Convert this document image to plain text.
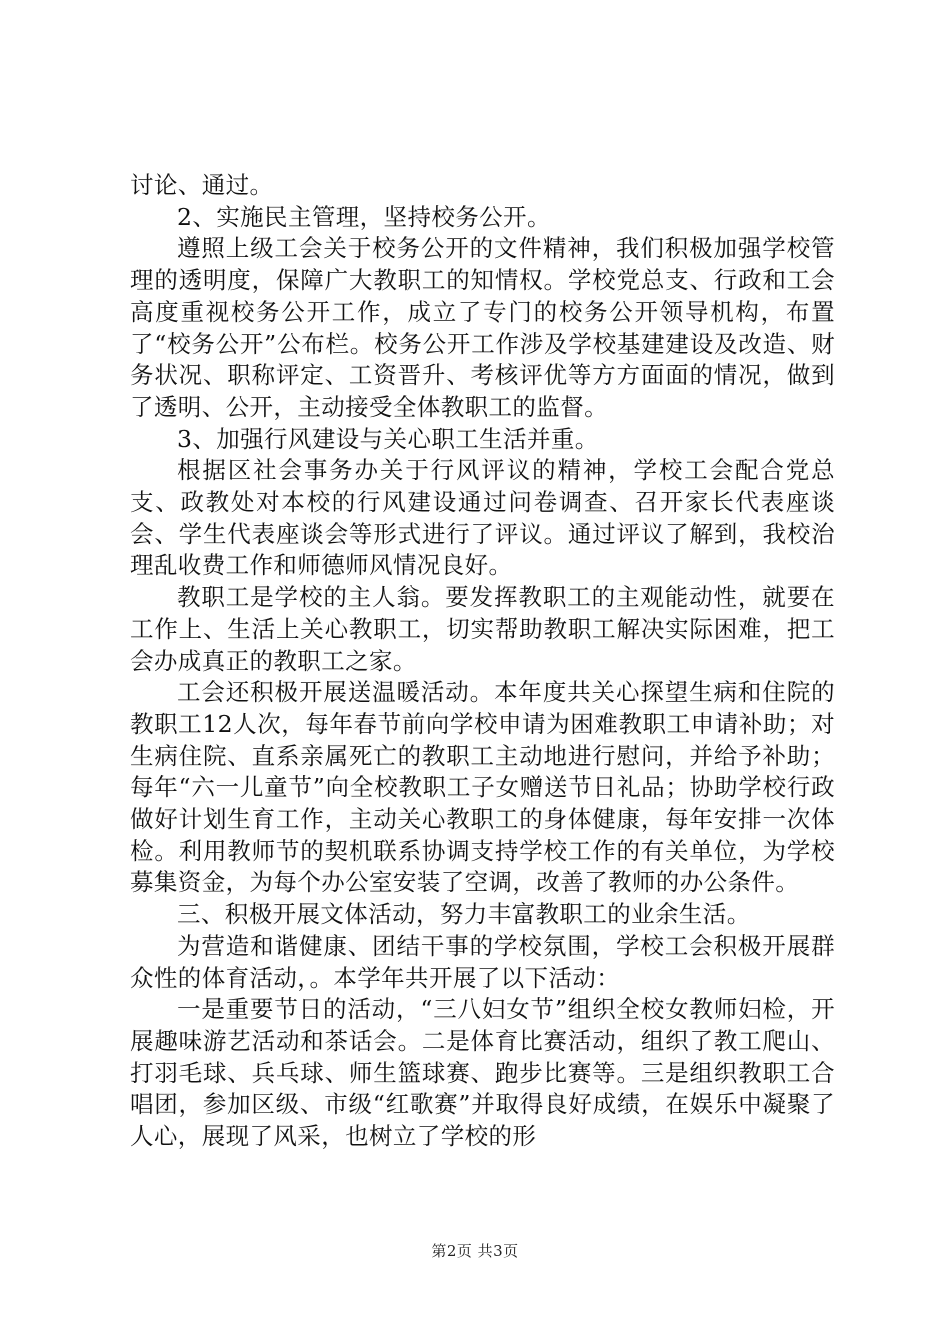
讨论、通过。

2、实施民主管理，坚持校务公开。

遵照上级工会关于校务公开的文件精神，我们积极加强学校管理的透明度，保障广大教职工的知情权。学校党总支、行政和工会高度重视校务公开工作，成立了专门的校务公开领导机构，布置了“校务公开”公布栏。校务公开工作涉及学校基建建设及改造、财务状况、职称评定、工资晋升、考核评优等方方面面的情况，做到了透明、公开，主动接受全体教职工的监督。

3、加强行风建设与关心职工生活并重。

根据区社会事务办关于行风评议的精神，学校工会配合党总支、政教处对本校的行风建设通过问卷调查、召开家长代表座谈会、学生代表座谈会等形式进行了评议。通过评议了解到，我校治理乱收费工作和师德师风情况良好。

教职工是学校的主人翁。要发挥教职工的主观能动性，就要在工作上、生活上关心教职工，切实帮助教职工解决实际困难，把工会办成真正的教职工之家。

工会还积极开展送温暖活动。本年度共关心探望生病和住院的教职工12人次，每年春节前向学校申请为困难教职工申请补助；对生病住院、直系亲属死亡的教职工主动地进行慰问，并给予补助；每年“六一儿童节”向全校教职工子女赠送节日礼品；协助学校行政做好计划生育工作，主动关心教职工的身体健康，每年安排一次体检。利用教师节的契机联系协调支持学校工作的有关单位，为学校募集资金，为每个办公室安装了空调，改善了教师的办公条件。

三、积极开展文体活动，努力丰富教职工的业余生活。

为营造和谐健康、团结干事的学校氛围，学校工会积极开展群众性的体育活动，。本学年共开展了以下活动：

一是重要节日的活动，“三八妇女节”组织全校女教师妇检，开展趣味游艺活动和茶话会。二是体育比赛活动，组织了教工爬山、打羽毛球、兵乓球、师生篮球赛、跑步比赛等。三是组织教职工合唱团，参加区级、市级“红歌赛”并取得良好成绩，在娱乐中凝聚了人心，展现了风采，也树立了学校的形

第2页 共3页
